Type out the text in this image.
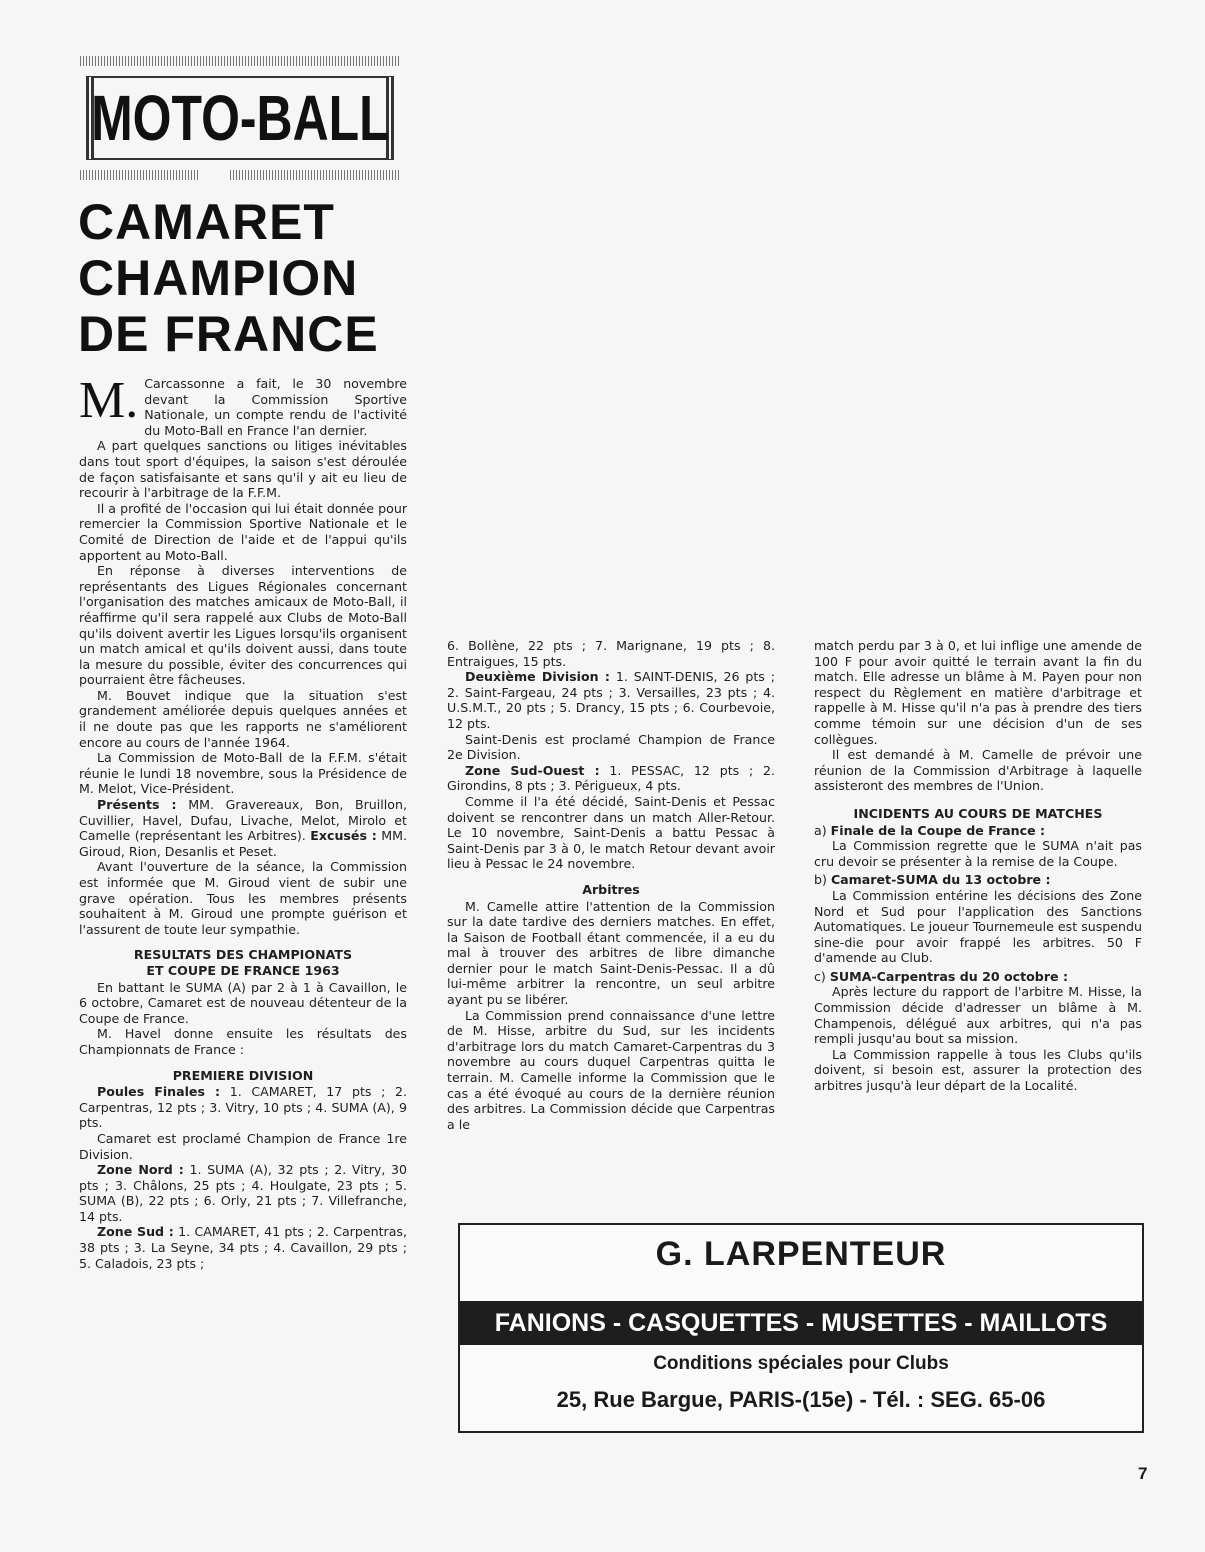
MOTO-BALL
CAMARET
CHAMPION
DE FRANCE

M. Carcassonne a fait, le 30 novembre devant la Commission Sportive Nationale, un compte rendu de l'activité du Moto-Ball en France l'an dernier.

A part quelques sanctions ou litiges inévitables dans tout sport d'équipes, la saison s'est déroulée de façon satisfaisante et sans qu'il y ait eu lieu de recourir à l'arbitrage de la F.F.M.

Il a profité de l'occasion qui lui était donnée pour remercier la Commission Sportive Nationale et le Comité de Direction de l'aide et de l'appui qu'ils apportent au Moto-Ball.

En réponse à diverses interventions de représentants des Ligues Régionales concernant l'organisation des matches amicaux de Moto-Ball, il réaffirme qu'il sera rappelé aux Clubs de Moto-Ball qu'ils doivent avertir les Ligues lorsqu'ils organisent un match amical et qu'ils doivent aussi, dans toute la mesure du possible, éviter des concurrences qui pourraient être fâcheuses.

M. Bouvet indique que la situation s'est grandement améliorée depuis quelques années et il ne doute pas que les rapports ne s'améliorent encore au cours de l'année 1964.

La Commission de Moto-Ball de la F.F.M. s'était réunie le lundi 18 novembre, sous la Présidence de M. Melot, Vice-Président.

Présents : MM. Gravereaux, Bon, Bruillon, Cuvillier, Havel, Dufau, Livache, Melot, Mirolo et Camelle (représentant les Arbitres). Excusés : MM. Giroud, Rion, Desanlis et Peset.

Avant l'ouverture de la séance, la Commission est informée que M. Giroud vient de subir une grave opération. Tous les membres présents souhaitent à M. Giroud une prompte guérison et l'assurent de toute leur sympathie.

RESULTATS DES CHAMPIONATS
ET COUPE DE FRANCE 1963

En battant le SUMA (A) par 2 à 1 à Cavaillon, le 6 octobre, Camaret est de nouveau détenteur de la Coupe de France.

M. Havel donne ensuite les résultats des Championnats de France :

PREMIERE DIVISION

Poules Finales : 1. CAMARET, 17 pts ; 2. Carpentras, 12 pts ; 3. Vitry, 10 pts ; 4. SUMA (A), 9 pts.

Camaret est proclamé Champion de France 1re Division.

Zone Nord : 1. SUMA (A), 32 pts ; 2. Vitry, 30 pts ; 3. Châlons, 25 pts ; 4. Houlgate, 23 pts ; 5. SUMA (B), 22 pts ; 6. Orly, 21 pts ; 7. Villefranche, 14 pts.

Zone Sud : 1. CAMARET, 41 pts ; 2. Carpentras, 38 pts ; 3. La Seyne, 34 pts ; 4. Cavaillon, 29 pts ; 5. Caladois, 23 pts ;

6. Bollène, 22 pts ; 7. Marignane, 19 pts ; 8. Entraigues, 15 pts.

Deuxième Division : 1. SAINT-DENIS, 26 pts ; 2. Saint-Fargeau, 24 pts ; 3. Versailles, 23 pts ; 4. U.S.M.T., 20 pts ; 5. Drancy, 15 pts ; 6. Courbevoie, 12 pts.

Saint-Denis est proclamé Champion de France 2e Division.

Zone Sud-Ouest : 1. PESSAC, 12 pts ; 2. Girondins, 8 pts ; 3. Périgueux, 4 pts.

Comme il l'a été décidé, Saint-Denis et Pessac doivent se rencontrer dans un match Aller-Retour. Le 10 novembre, Saint-Denis a battu Pessac à Saint-Denis par 3 à 0, le match Retour devant avoir lieu à Pessac le 24 novembre.

Arbitres

M. Camelle attire l'attention de la Commission sur la date tardive des derniers matches. En effet, la Saison de Football étant commencée, il a eu du mal à trouver des arbitres de libre dimanche dernier pour le match Saint-Denis-Pessac. Il a dû lui-même arbitrer la rencontre, un seul arbitre ayant pu se libérer.

La Commission prend connaissance d'une lettre de M. Hisse, arbitre du Sud, sur les incidents d'arbitrage lors du match Camaret-Carpentras du 3 novembre au cours duquel Carpentras quitta le terrain. M. Camelle informe la Commission que le cas a été évoqué au cours de la dernière réunion des arbitres. La Commission décide que Carpentras a le

match perdu par 3 à 0, et lui inflige une amende de 100 F pour avoir quitté le terrain avant la fin du match. Elle adresse un blâme à M. Payen pour non respect du Règlement en matière d'arbitrage et rappelle à M. Hisse qu'il n'a pas à prendre des tiers comme témoin sur une décision d'un de ses collègues.

Il est demandé à M. Camelle de prévoir une réunion de la Commission d'Arbitrage à laquelle assisteront des membres de l'Union.

INCIDENTS AU COURS DE MATCHES

a) Finale de la Coupe de France :

La Commission regrette que le SUMA n'ait pas cru devoir se présenter à la remise de la Coupe.

b) Camaret-SUMA du 13 octobre :

La Commission entérine les décisions des Zone Nord et Sud pour l'application des Sanctions Automatiques. Le joueur Tournemeule est suspendu sine-die pour avoir frappé les arbitres. 50 F d'amende au Club.

c) SUMA-Carpentras du 20 octobre :

Après lecture du rapport de l'arbitre M. Hisse, la Commission décide d'adresser un blâme à M. Champenois, délégué aux arbitres, qui n'a pas rempli jusqu'au bout sa mission.

La Commission rappelle à tous les Clubs qu'ils doivent, si besoin est, assurer la protection des arbitres jusqu'à leur départ de la Localité.

G. LARPENTEUR
FANIONS - CASQUETTES - MUSETTES - MAILLOTS
Conditions spéciales pour Clubs
25, Rue Bargue, PARIS-(15e) - Tél. : SEG. 65-06
7
